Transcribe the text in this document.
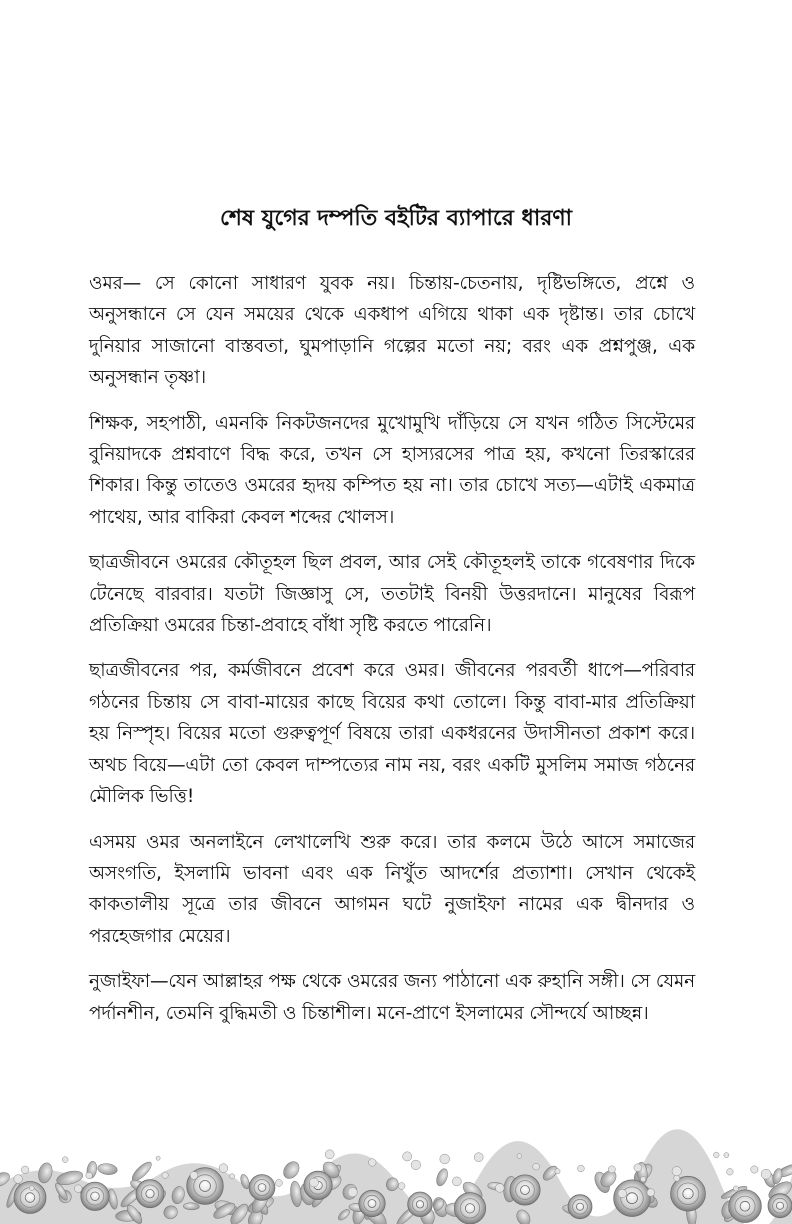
শেষ যুগের দম্পতি বইটির ব্যাপারে ধারণা

ওমর— সে কোনো সাধারণ যুবক নয়। চিন্তায়-চেতনায়, দৃষ্টিভঙ্গিতে, প্রশ্নে ও অনুসন্ধানে সে যেন সময়ের থেকে একধাপ এগিয়ে থাকা এক দৃষ্টান্ত। তার চোখে দুনিয়ার সাজানো বাস্তবতা, ঘুমপাড়ানি গল্পের মতো নয়; বরং এক প্রশ্নপুঞ্জ, এক অনুসন্ধান তৃষ্ণা।

শিক্ষক, সহপাঠী, এমনকি নিকটজনদের মুখোমুখি দাঁড়িয়ে সে যখন গঠিত সিস্টেমের বুনিয়াদকে প্রশ্নবাণে বিদ্ধ করে, তখন সে হাস্যরসের পাত্র হয়, কখনো তিরস্কারের শিকার। কিন্তু তাতেও ওমরের হৃদয় কম্পিত হয় না। তার চোখে সত্য—এটাই একমাত্র পাথেয়, আর বাকিরা কেবল শব্দের খোলস।

ছাত্রজীবনে ওমরের কৌতূহল ছিল প্রবল, আর সেই কৌতূহলই তাকে গবেষণার দিকে টেনেছে বারবার। যতটা জিজ্ঞাসু সে, ততটাই বিনয়ী উত্তরদানে। মানুষের বিরূপ প্রতিক্রিয়া ওমরের চিন্তা-প্রবাহে বাঁধা সৃষ্টি করতে পারেনি।

ছাত্রজীবনের পর, কর্মজীবনে প্রবেশ করে ওমর। জীবনের পরবর্তী ধাপে—পরিবার গঠনের চিন্তায় সে বাবা-মায়ের কাছে বিয়ের কথা তোলে। কিন্তু বাবা-মার প্রতিক্রিয়া হয় নিস্পৃহ। বিয়ের মতো গুরুত্বপূর্ণ বিষয়ে তারা একধরনের উদাসীনতা প্রকাশ করে। অথচ বিয়ে—এটা তো কেবল দাম্পত্যের নাম নয়, বরং একটি মুসলিম সমাজ গঠনের মৌলিক ভিত্তি!

এসময় ওমর অনলাইনে লেখালেখি শুরু করে। তার কলমে উঠে আসে সমাজের অসংগতি, ইসলামি ভাবনা এবং এক নিখুঁত আদর্শের প্রত্যাশা। সেখান থেকেই কাকতালীয় সূত্রে তার জীবনে আগমন ঘটে নুজাইফা নামের এক দ্বীনদার ও পরহেজগার মেয়ের।

নুজাইফা—যেন আল্লাহর পক্ষ থেকে ওমরের জন্য পাঠানো এক রুহানি সঙ্গী। সে যেমন পর্দানশীন, তেমনি বুদ্ধিমতী ও চিন্তাশীল। মনে-প্রাণে ইসলামের সৌন্দর্যে আচ্ছন্ন।
